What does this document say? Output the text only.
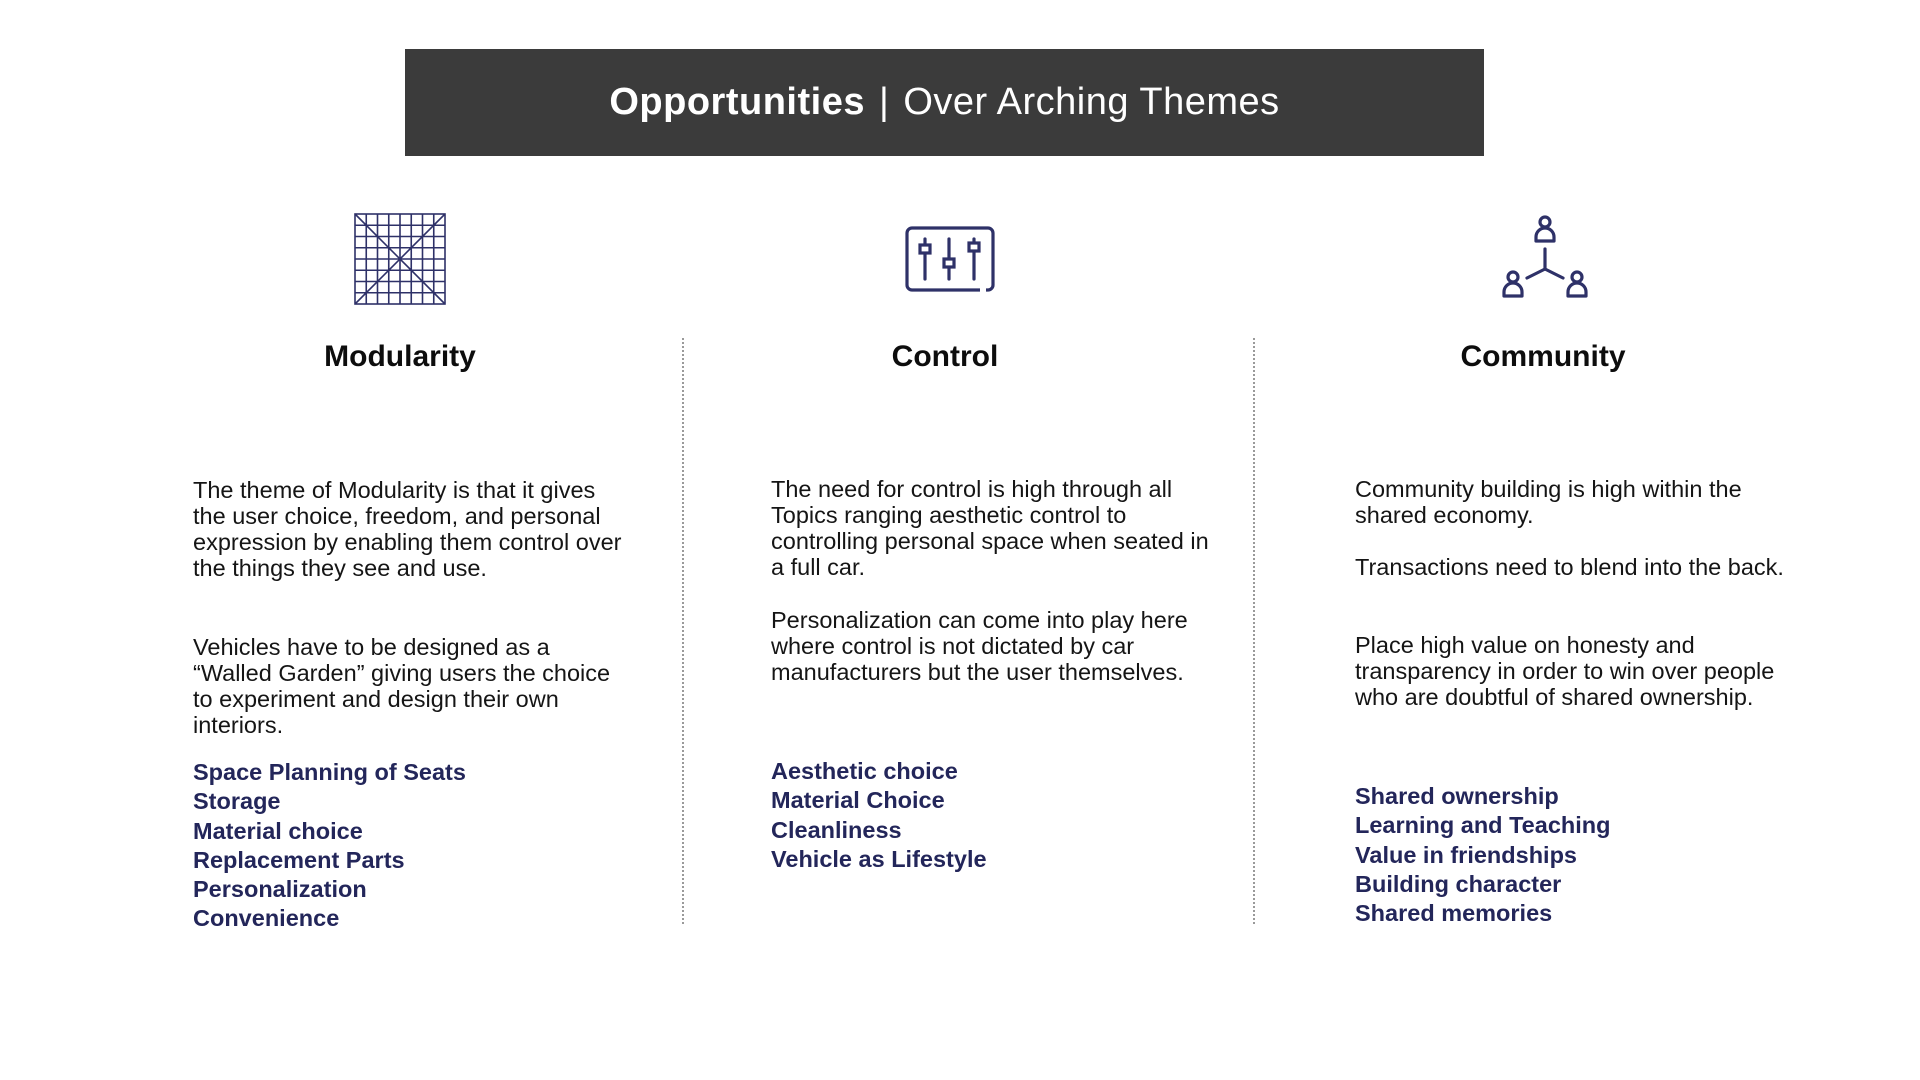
Opportunities | Over Arching Themes
Modularity

The theme of Modularity is that it gives the user choice, freedom, and personal expression by enabling them control over the things they see and use.

Vehicles have to be designed as a “Walled Garden” giving users the choice to experiment and design their own interiors.

Space Planning of Seats
Storage
Material choice
Replacement Parts
Personalization
Convenience
Control

The need for control is high through all Topics ranging aesthetic control to controlling personal space when seated in a full car.

Personalization can come into play here where control is not dictated by car manufacturers but the user themselves.

Aesthetic choice
Material Choice
Cleanliness
Vehicle as Lifestyle
Community

Community building is high within the shared economy.

Transactions need to blend into the back.

Place high value on honesty and transparency in order to win over people who are doubtful of shared ownership.

Shared ownership
Learning and Teaching
Value in friendships
Building character
Shared memories
